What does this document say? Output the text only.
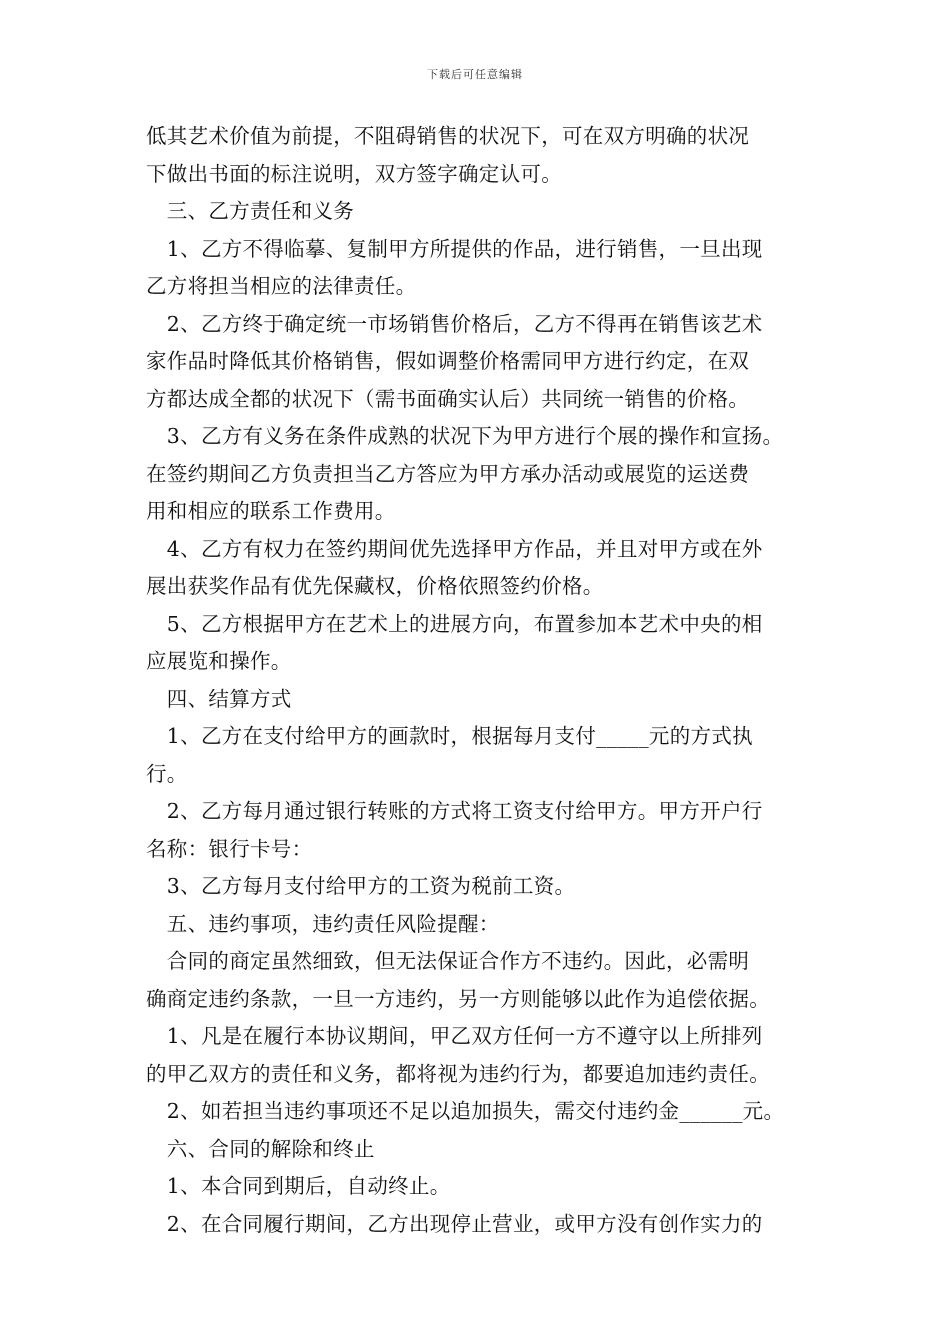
下载后可任意编辑
低其艺术价值为前提，不阻碍销售的状况下，可在双方明确的状况
下做出书面的标注说明，双方签字确定认可。
　三、乙方责任和义务
　1、乙方不得临摹、复制甲方所提供的作品，进行销售，一旦出现
乙方将担当相应的法律责任。
　2、乙方终于确定统一市场销售价格后，乙方不得再在销售该艺术
家作品时降低其价格销售，假如调整价格需同甲方进行约定，在双
方都达成全都的状况下（需书面确实认后）共同统一销售的价格。
　3、乙方有义务在条件成熟的状况下为甲方进行个展的操作和宣扬。
在签约期间乙方负责担当乙方答应为甲方承办活动或展览的运送费
用和相应的联系工作费用。
　4、乙方有权力在签约期间优先选择甲方作品，并且对甲方或在外
展出获奖作品有优先保藏权，价格依照签约价格。
　5、乙方根据甲方在艺术上的进展方向，布置参加本艺术中央的相
应展览和操作。
　四、结算方式
　1、乙方在支付给甲方的画款时，根据每月支付_____元的方式执
行。
　2、乙方每月通过银行转账的方式将工资支付给甲方。甲方开户行
名称：银行卡号：
　3、乙方每月支付给甲方的工资为税前工资。
　五、违约事项，违约责任风险提醒：
　合同的商定虽然细致，但无法保证合作方不违约。因此，必需明
确商定违约条款，一旦一方违约，另一方则能够以此作为追偿依据。
　1、凡是在履行本协议期间，甲乙双方任何一方不遵守以上所排列
的甲乙双方的责任和义务，都将视为违约行为，都要追加违约责任。
　2、如若担当违约事项还不足以追加损失，需交付违约金______元。
　六、合同的解除和终止
　1、本合同到期后，自动终止。
　2、在合同履行期间，乙方出现停止营业，或甲方没有创作实力的
